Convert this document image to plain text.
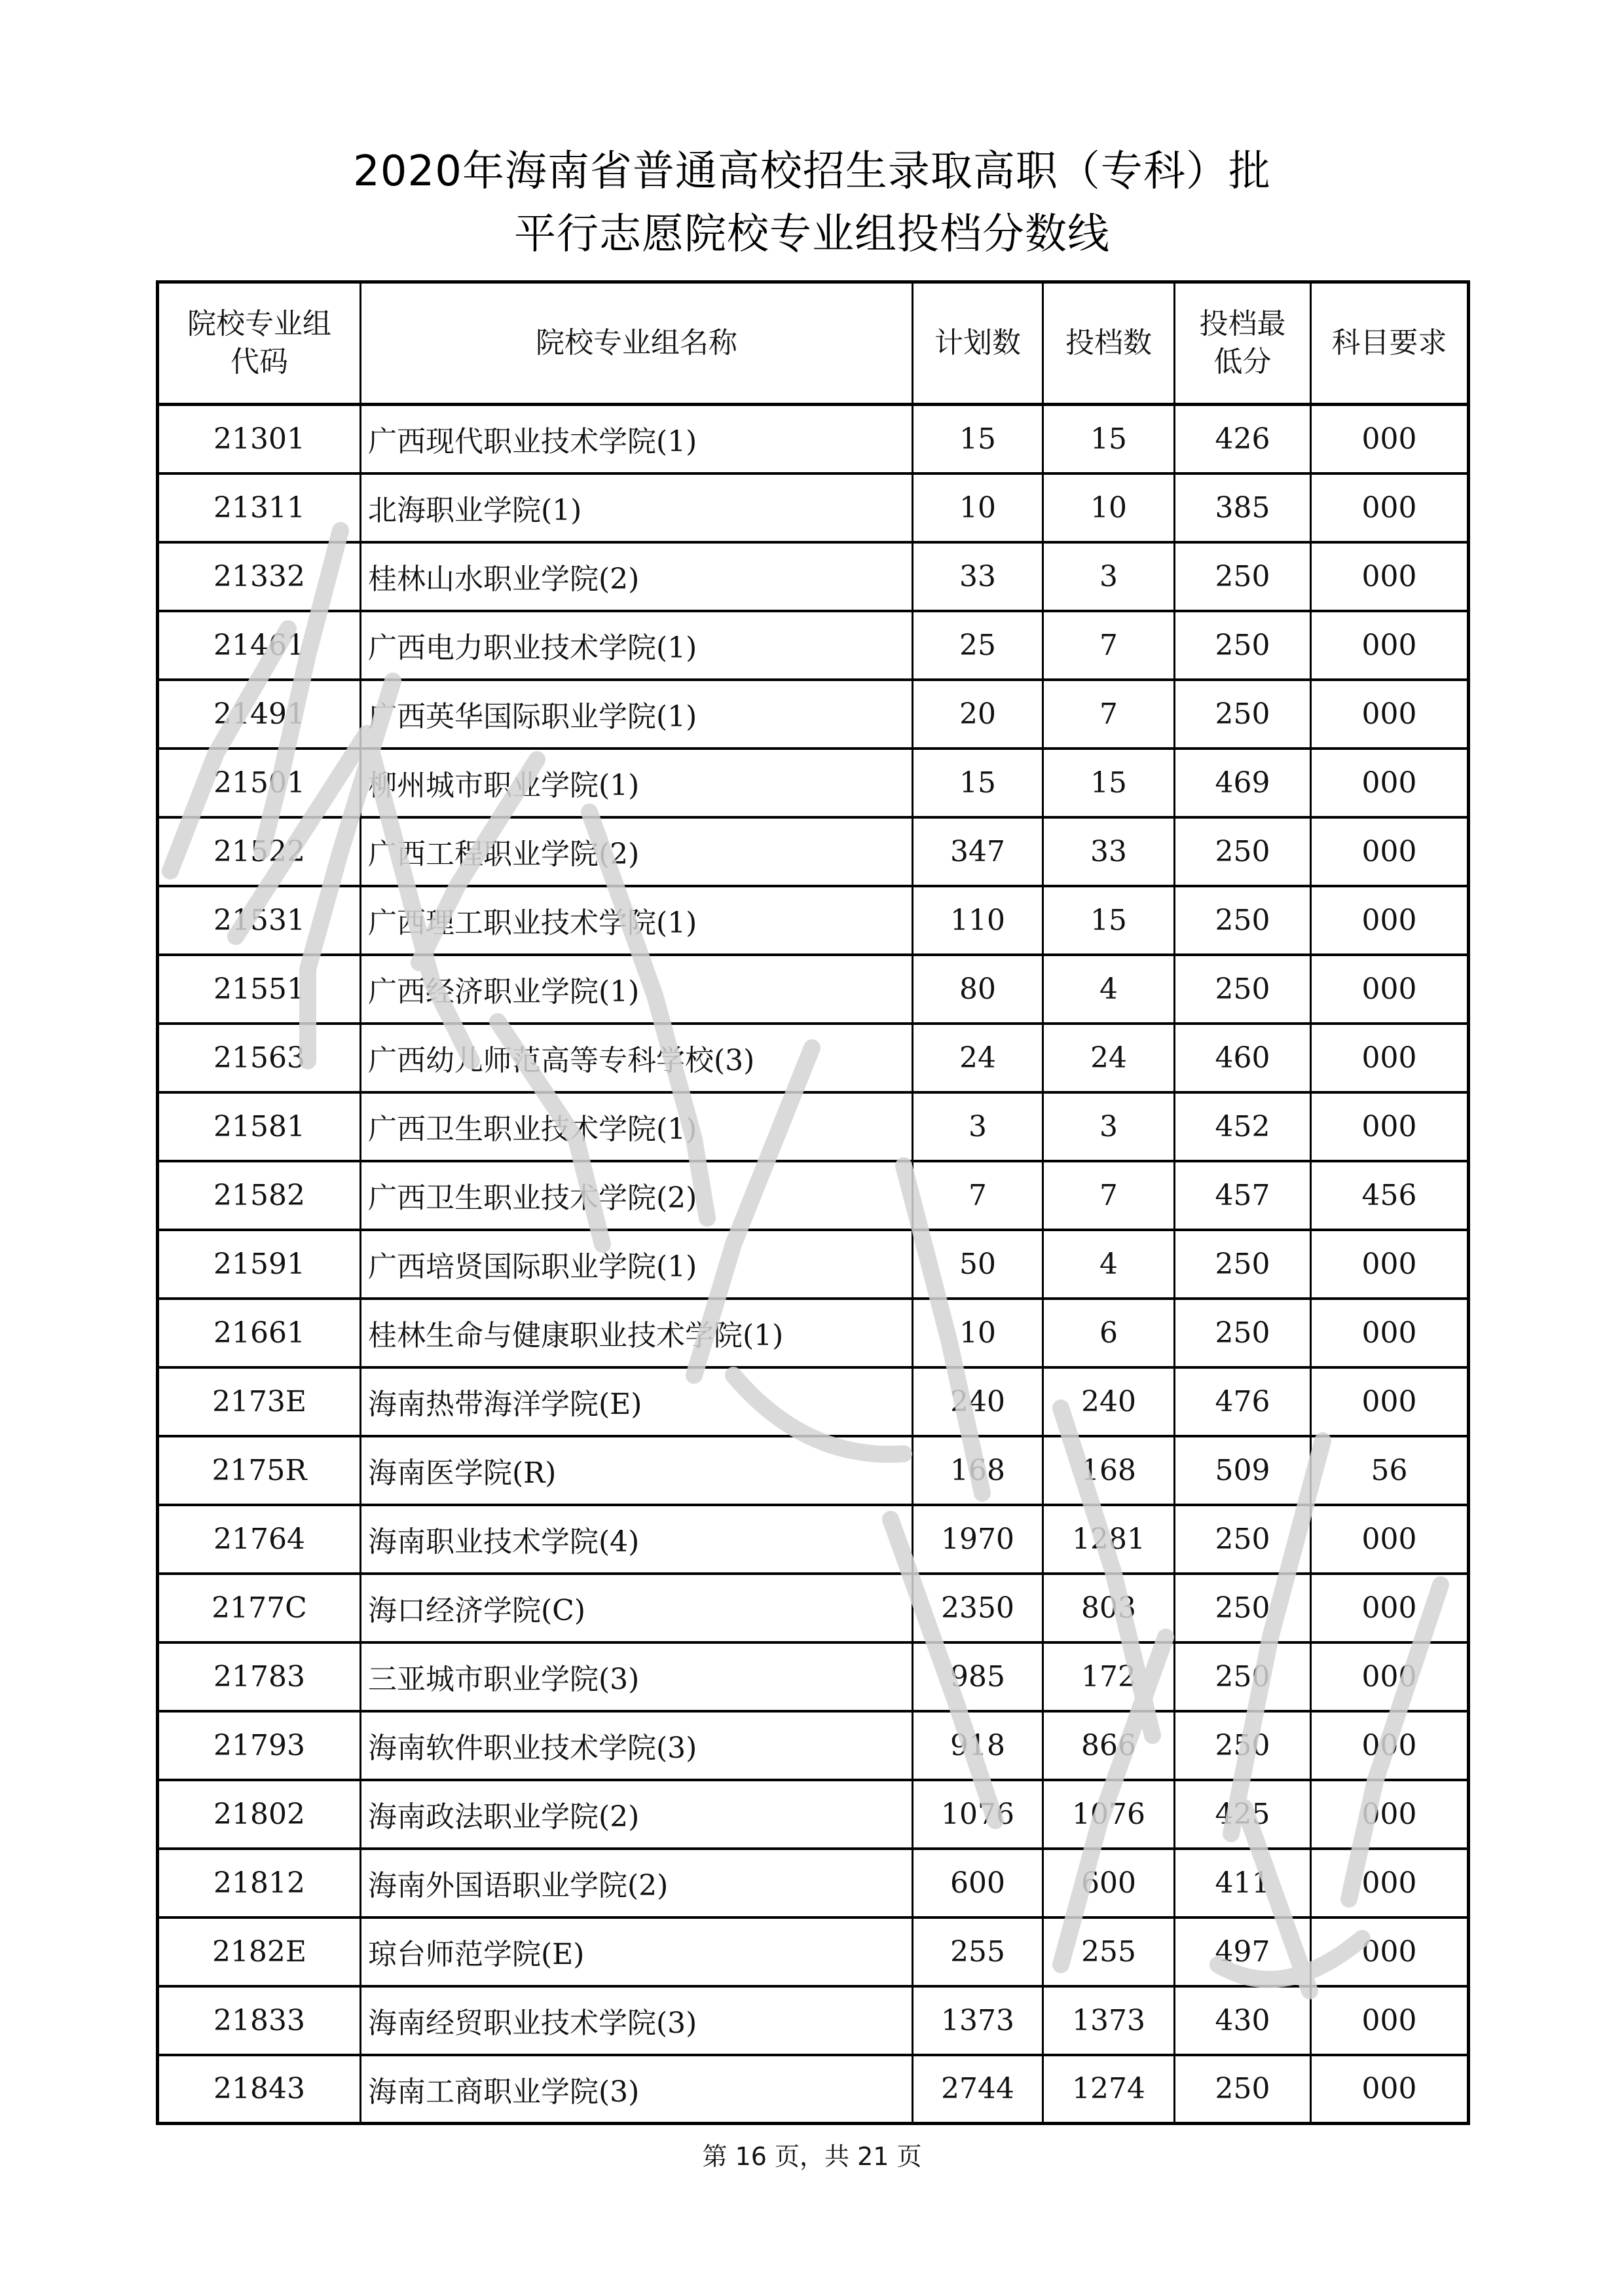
2020年海南省普通高校招生录取高职（专科）批
平行志愿院校专业组投档分数线
院校专业组代码	院校专业组名称	计划数	投档数	投档最低分	科目要求
21301	广西现代职业技术学院(1)	15	15	426	000
21311	北海职业学院(1)	10	10	385	000
21332	桂林山水职业学院(2)	33	3	250	000
21461	广西电力职业技术学院(1)	25	7	250	000
21491	广西英华国际职业学院(1)	20	7	250	000
21501	柳州城市职业学院(1)	15	15	469	000
21522	广西工程职业学院(2)	347	33	250	000
21531	广西理工职业技术学院(1)	110	15	250	000
21551	广西经济职业学院(1)	80	4	250	000
21563	广西幼儿师范高等专科学校(3)	24	24	460	000
21581	广西卫生职业技术学院(1)	3	3	452	000
21582	广西卫生职业技术学院(2)	7	7	457	456
21591	广西培贤国际职业学院(1)	50	4	250	000
21661	桂林生命与健康职业技术学院(1)	10	6	250	000
2173E	海南热带海洋学院(E)	240	240	476	000
2175R	海南医学院(R)	168	168	509	56
21764	海南职业技术学院(4)	1970	1281	250	000
2177C	海口经济学院(C)	2350	803	250	000
21783	三亚城市职业学院(3)	985	172	250	000
21793	海南软件职业技术学院(3)	918	866	250	000
21802	海南政法职业学院(2)	1076	1076	425	000
21812	海南外国语职业学院(2)	600	600	411	000
2182E	琼台师范学院(E)	255	255	497	000
21833	海南经贸职业技术学院(3)	1373	1373	430	000
21843	海南工商职业学院(3)	2744	1274	250	000
第 16 页，共 21 页
